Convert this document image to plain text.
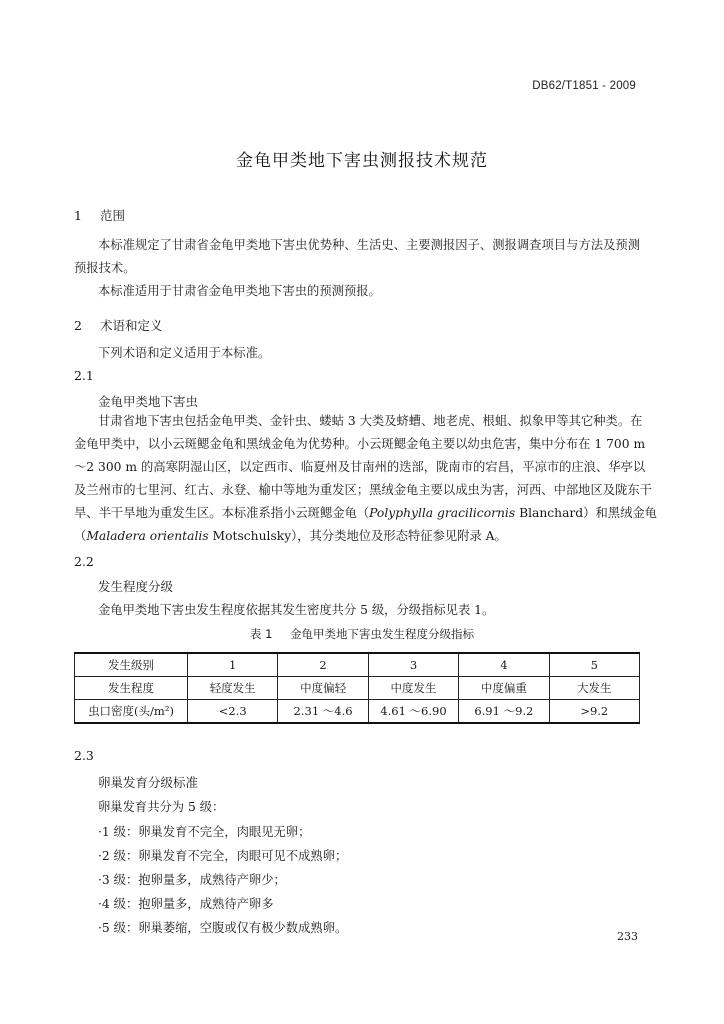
DB62/T1851 - 2009
金龟甲类地下害虫测报技术规范
1 范围
本标准规定了甘肃省金龟甲类地下害虫优势种、生活史、主要测报因子、测报调查项目与方法及预测预报技术。
本标准适用于甘肃省金龟甲类地下害虫的预测预报。
2 术语和定义
下列术语和定义适用于本标准。
2.1
金龟甲类地下害虫
甘肃省地下害虫包括金龟甲类、金针虫、蝼蛄 3 大类及蛴螬、地老虎、根蛆、拟象甲等其它种类。在
金龟甲类中，以小云斑鳃金龟和黑绒金龟为优势种。小云斑鳃金龟主要以幼虫危害，集中分布在 1 700 m
～2 300 m 的高寒阴湿山区，以定西市、临夏州及甘南州的迭部，陇南市的宕昌，平凉市的庄浪、华亭以
及兰州市的七里河、红古、永登、榆中等地为重发区；黑绒金龟主要以成虫为害，河西、中部地区及陇东干
旱、半干旱地为重发生区。本标准系指小云斑鳃金龟（Polyphylla gracilicornis Blanchard）和黑绒金龟
（Maladera orientalis Motschulsky），其分类地位及形态特征参见附录 A。
2.2
发生程度分级
金龟甲类地下害虫发生程度依据其发生密度共分 5 级，分级指标见表 1。
表 1 金龟甲类地下害虫发生程度分级指标
发生级别	1	2	3	4	5
发生程度	轻度发生	中度偏轻	中度发生	中度偏重	大发生
虫口密度(头/m²)	<2.3	2.31 ～4.6	4.61 ～6.90	6.91 ～9.2	>9.2
2.3
卵巢发育分级标准
卵巢发育共分为 5 级：
·1 级：卵巢发育不完全，肉眼见无卵；
·2 级：卵巢发育不完全，肉眼可见不成熟卵；
·3 级：抱卵量多，成熟待产卵少；
·4 级：抱卵量多，成熟待产卵多
·5 级：卵巢萎缩，空腹或仅有极少数成熟卵。
233
